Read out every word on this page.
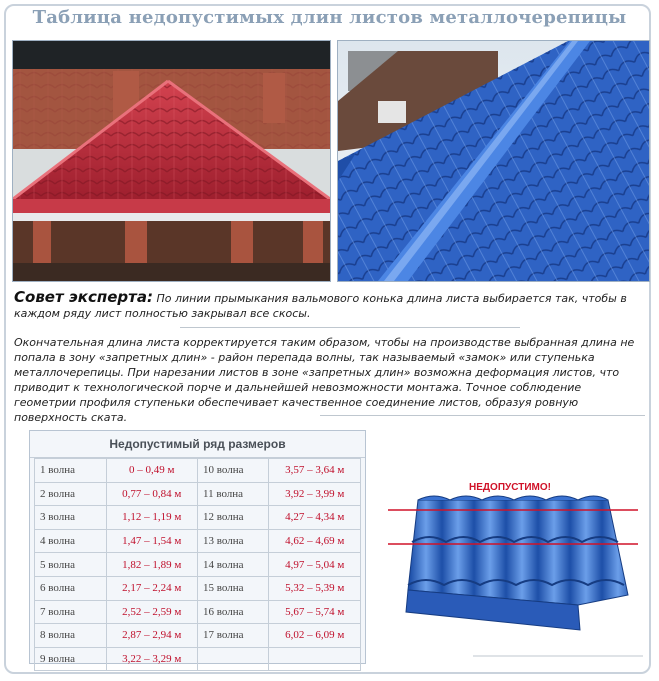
Таблица недопустимых длин листов металлочерепицы
Совет эксперта: По линии прымыкания вальмового конька длина листа выбирается так, чтобы в каждом ряду лист полностью закрывал все скосы.
Окончательная длина листа корректируется таким образом, чтобы на производстве выбранная длина не попала в зону «запретных длин» - район перепада волны, так называемый «замок» или ступенька металлочерепицы. При нарезании листов в зоне «запретных длин» возможна деформация листов, что приводит к технологической порче и дальнейшей невозможности монтажа. Точное соблюдение геометрии профиля ступеньки обеспечивает качественное соединение листов, образуя ровную поверхность ската.
Недопустимый ряд размеров
1 волна	0 – 0,49 м	10 волна	3,57 – 3,64 м
2 волна	0,77 – 0,84 м	11 волна	3,92 – 3,99 м
3 волна	1,12 – 1,19 м	12 волна	4,27 – 4,34 м
4 волна	1,47 – 1,54 м	13 волна	4,62 – 4,69 м
5 волна	1,82 – 1,89 м	14 волна	4,97 – 5,04 м
6 волна	2,17 – 2,24 м	15 волна	5,32 – 5,39 м
7 волна	2,52 – 2,59 м	16 волна	5,67 – 5,74 м
8 волна	2,87 – 2,94 м	17 волна	6,02 – 6,09 м
9 волна	3,22 – 3,29 м		
НЕДОПУСТИМО!
